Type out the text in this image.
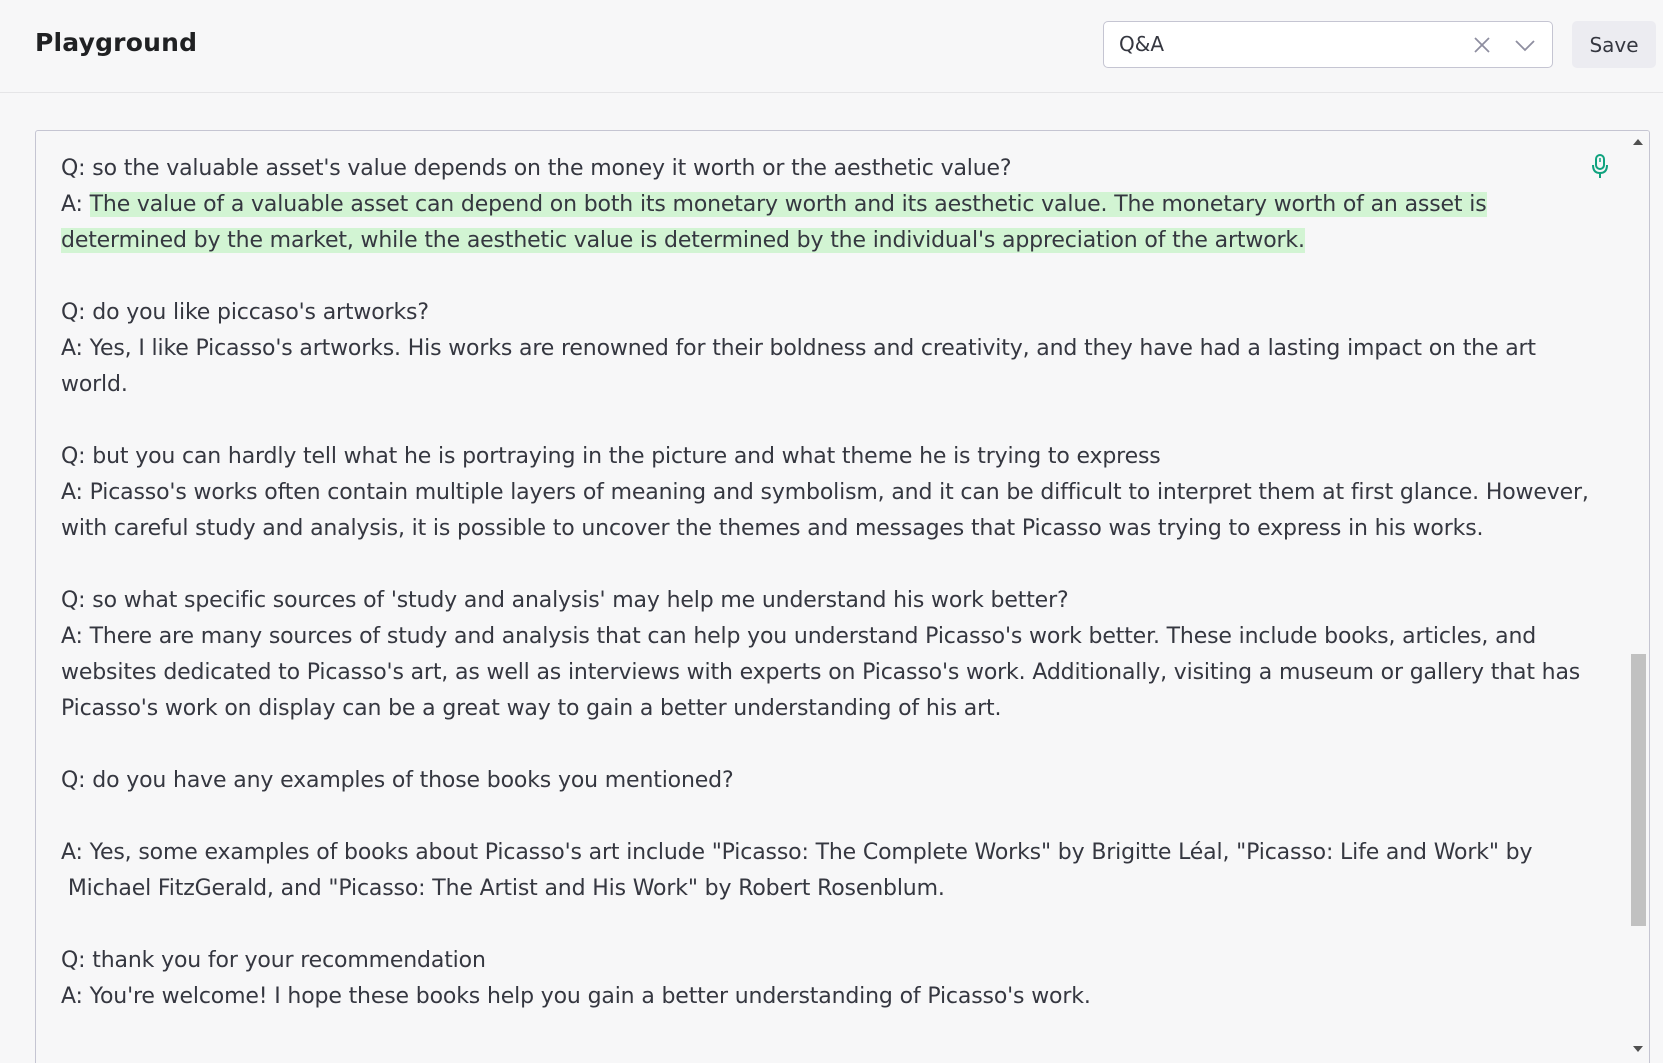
Playground	Q&A	Save

Q: so the valuable asset's value depends on the money it worth or the aesthetic value?

A: The value of a valuable asset can depend on both its monetary worth and its aesthetic value. The monetary worth of an asset is determined by the market, while the aesthetic value is determined by the individual's appreciation of the artwork.

Q: do you like piccaso's artworks?

A: Yes, I like Picasso's artworks. His works are renowned for their boldness and creativity, and they have had a lasting impact on the art world.

Q: but you can hardly tell what he is portraying in the picture and what theme he is trying to express

A: Picasso's works often contain multiple layers of meaning and symbolism, and it can be difficult to interpret them at first glance. However, with careful study and analysis, it is possible to uncover the themes and messages that Picasso was trying to express in his works.

Q: so what specific sources of 'study and analysis' may help me understand his work better?

A: There are many sources of study and analysis that can help you understand Picasso's work better. These include books, articles, and websites dedicated to Picasso's art, as well as interviews with experts on Picasso's work. Additionally, visiting a museum or gallery that has Picasso's work on display can be a great way to gain a better understanding of his art.

Q: do you have any examples of those books you mentioned?

A: Yes, some examples of books about Picasso's art include "Picasso: The Complete Works" by Brigitte Léal, "Picasso: Life and Work" by

Michael FitzGerald, and "Picasso: The Artist and His Work" by Robert Rosenblum.

Q: thank you for your recommendation

A: You're welcome! I hope these books help you gain a better understanding of Picasso's work.
